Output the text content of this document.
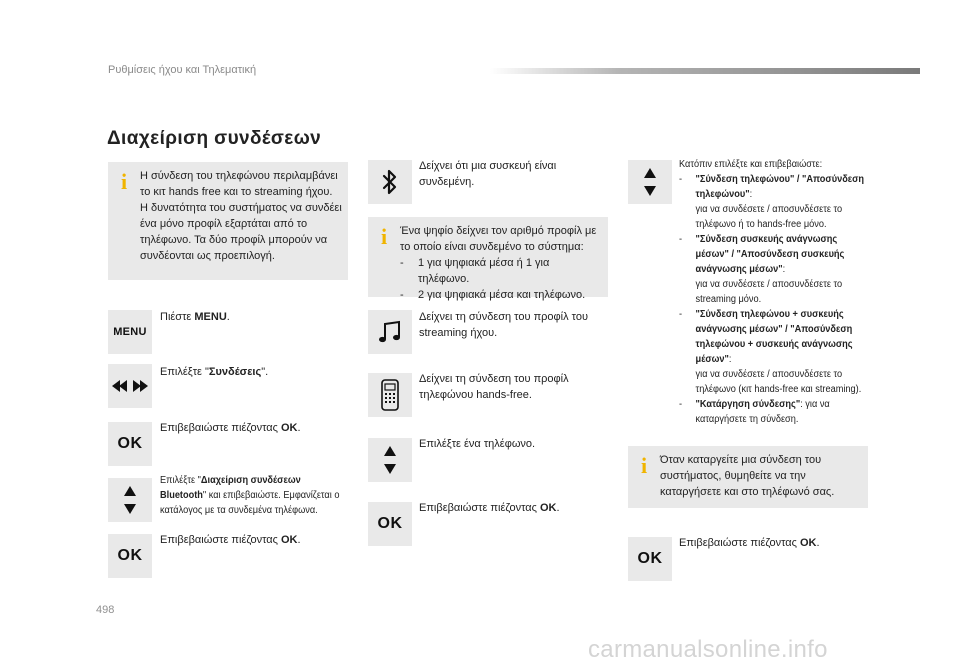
Ρυθμίσεις ήχου και Τηλεματική
Διαχείριση συνδέσεων
i Η σύνδεση του τηλεφώνου περιλαμβάνει το κιτ hands free και το streaming ήχου.
Η δυνατότητα του συστήματος να συνδέει ένα μόνο προφίλ εξαρτάται από το τηλέφωνο. Τα δύο προφίλ μπορούν να συνδέονται ως προεπιλογή.
MENU
Πιέστε MENU.
Επιλέξτε "Συνδέσεις".
OK
Επιβεβαιώστε πιέζοντας OK.
Επιλέξτε "Διαχείριση συνδέσεων Bluetooth" και επιβεβαιώστε. Εμφανίζεται ο κατάλογος με τα συνδεμένα τηλέφωνα.
OK
Επιβεβαιώστε πιέζοντας OK.
Δείχνει ότι μια συσκευή είναι συνδεμένη.
i Ένα ψηφίο δείχνει τον αριθμό προφίλ με το οποίο είναι συνδεμένο το σύστημα:
- 1 για ψηφιακά μέσα ή 1 για τηλέφωνο.
- 2 για ψηφιακά μέσα και τηλέφωνο.
Δείχνει τη σύνδεση του προφίλ του streaming ήχου.
Δείχνει τη σύνδεση του προφίλ τηλεφώνου hands-free.
Επιλέξτε ένα τηλέφωνο.
OK
Επιβεβαιώστε πιέζοντας OK.
Κατόπιν επιλέξτε και επιβεβαιώστε:
- "Σύνδεση τηλεφώνου" / "Αποσύνδεση τηλεφώνου":
για να συνδέσετε / αποσυνδέσετε το τηλέφωνο ή το hands-free μόνο.
- "Σύνδεση συσκευής ανάγνωσης μέσων" / "Αποσύνδεση συσκευής ανάγνωσης μέσων":
για να συνδέσετε / αποσυνδέσετε το streaming μόνο.
- "Σύνδεση τηλεφώνου + συσκευής ανάγνωσης μέσων" / "Αποσύνδεση τηλεφώνου + συσκευής ανάγνωσης μέσων":
για να συνδέσετε / αποσυνδέσετε το τηλέφωνο (κιτ hands-free και streaming).
- "Κατάργηση σύνδεσης": για να καταργήσετε τη σύνδεση.
i Όταν καταργείτε μια σύνδεση του συστήματος, θυμηθείτε να την καταργήσετε και στο τηλέφωνό σας.
OK
Επιβεβαιώστε πιέζοντας OK.
498
carmanualsonline.info
